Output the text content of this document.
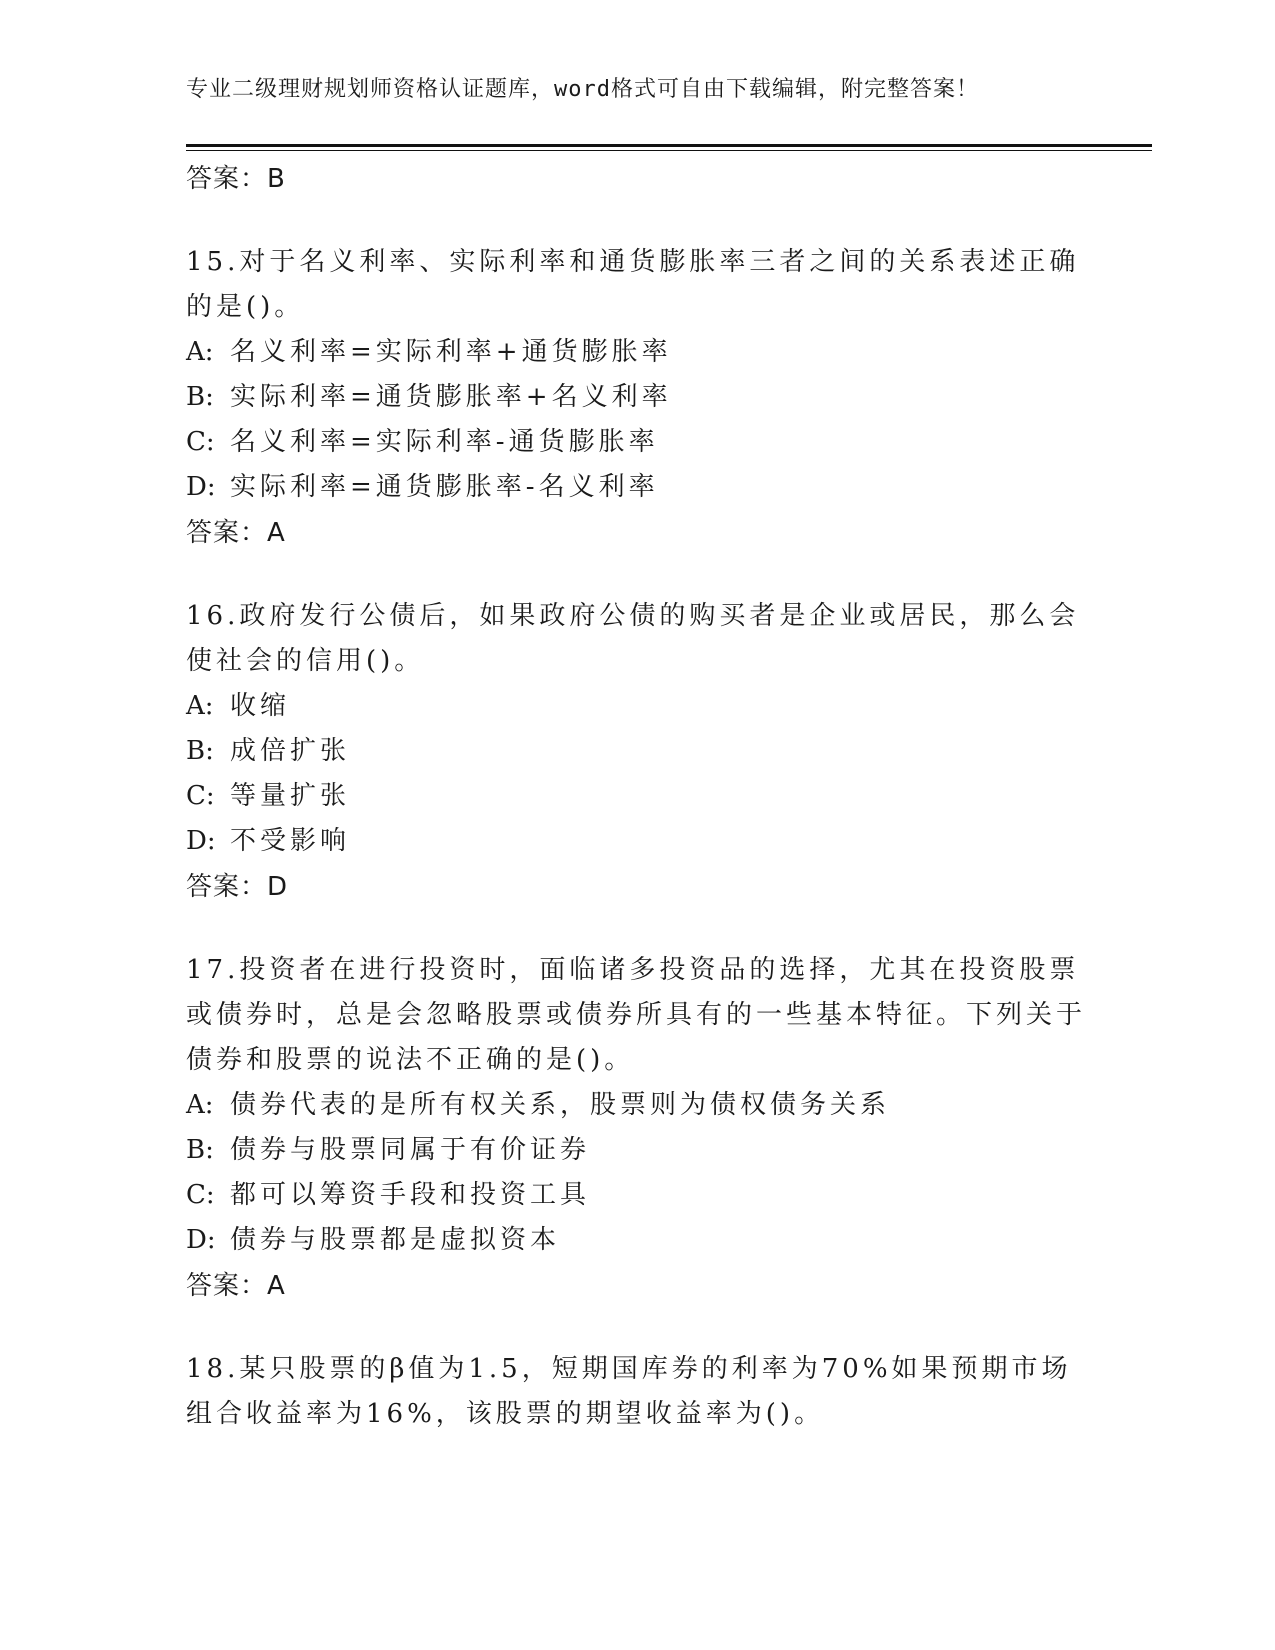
专业二级理财规划师资格认证题库，word格式可自由下载编辑，附完整答案！
答案：B

15.对于名义利率、实际利率和通货膨胀率三者之间的关系表述正确的是()。

A: 名义利率=实际利率+通货膨胀率
B: 实际利率=通货膨胀率+名义利率
C: 名义利率=实际利率-通货膨胀率
D: 实际利率=通货膨胀率-名义利率
答案：A

16.政府发行公债后，如果政府公债的购买者是企业或居民，那么会使社会的信用()。

A: 收缩
B: 成倍扩张
C: 等量扩张
D: 不受影响
答案：D

17.投资者在进行投资时，面临诸多投资品的选择，尤其在投资股票或债券时，总是会忽略股票或债券所具有的一些基本特征。下列关于债券和股票的说法不正确的是()。

A: 债券代表的是所有权关系，股票则为债权债务关系
B: 债券与股票同属于有价证券
C: 都可以筹资手段和投资工具
D: 债券与股票都是虚拟资本
答案：A

18.某只股票的β值为1.5，短期国库券的利率为70%如果预期市场组合收益率为16%，该股票的期望收益率为()。
